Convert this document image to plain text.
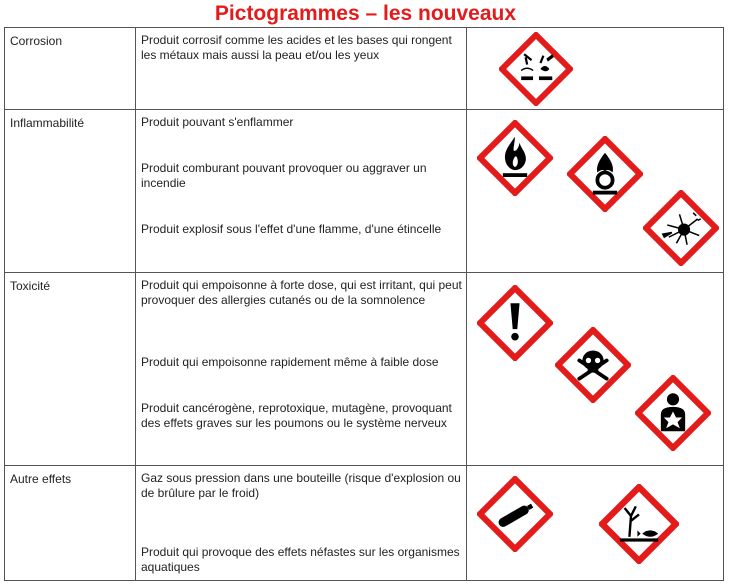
Pictogrammes – les nouveaux
Corrosion	Produit corrosif comme les acides et les bases qui rongent les métaux mais aussi la peau et/ou les yeux

Inflammabilité	Produit pouvant s'enflammer
Produit comburant pouvant provoquer ou aggraver un incendie
Produit explosif sous l'effet d'une flamme, d'une étincelle

Toxicité	Produit qui empoisonne à forte dose, qui est irritant, qui peut provoquer des allergies cutanés ou de la somnolence
Produit qui empoisonne rapidement même à faible dose
Produit cancérogène, reprotoxique, mutagène, provoquant des effets graves sur les poumons ou le système nerveux

Autre effets	Gaz sous pression dans une bouteille (risque d'explosion ou de brûlure par le froid)
Produit qui provoque des effets néfastes sur les organismes aquatiques
